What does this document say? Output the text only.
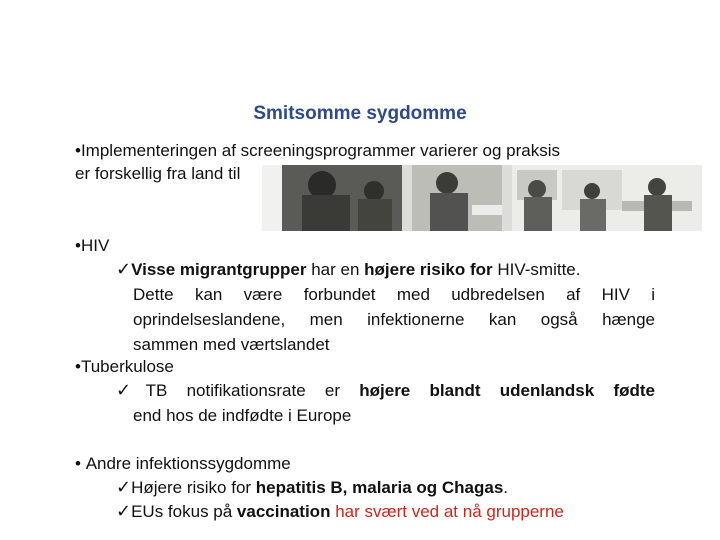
Smitsomme sygdomme
•Implementeringen af screeningsprogrammer varierer og praksis
er forskellig fra land til
•HIV
✓Visse migrantgrupper har en højere risiko for HIV-smitte.
Dette kan være forbundet med udbredelsen af HIV i
oprindelseslandene, men infektionerne kan også hænge
sammen med værtslandet
•Tuberkulose
✓TB notifikationsrate er højere blandt udenlandsk fødte
end hos de indfødte i Europe
• Andre infektionssygdomme
✓Højere risiko for hepatitis B, malaria og Chagas.
✓EUs fokus på vaccination har svært ved at nå grupperne
